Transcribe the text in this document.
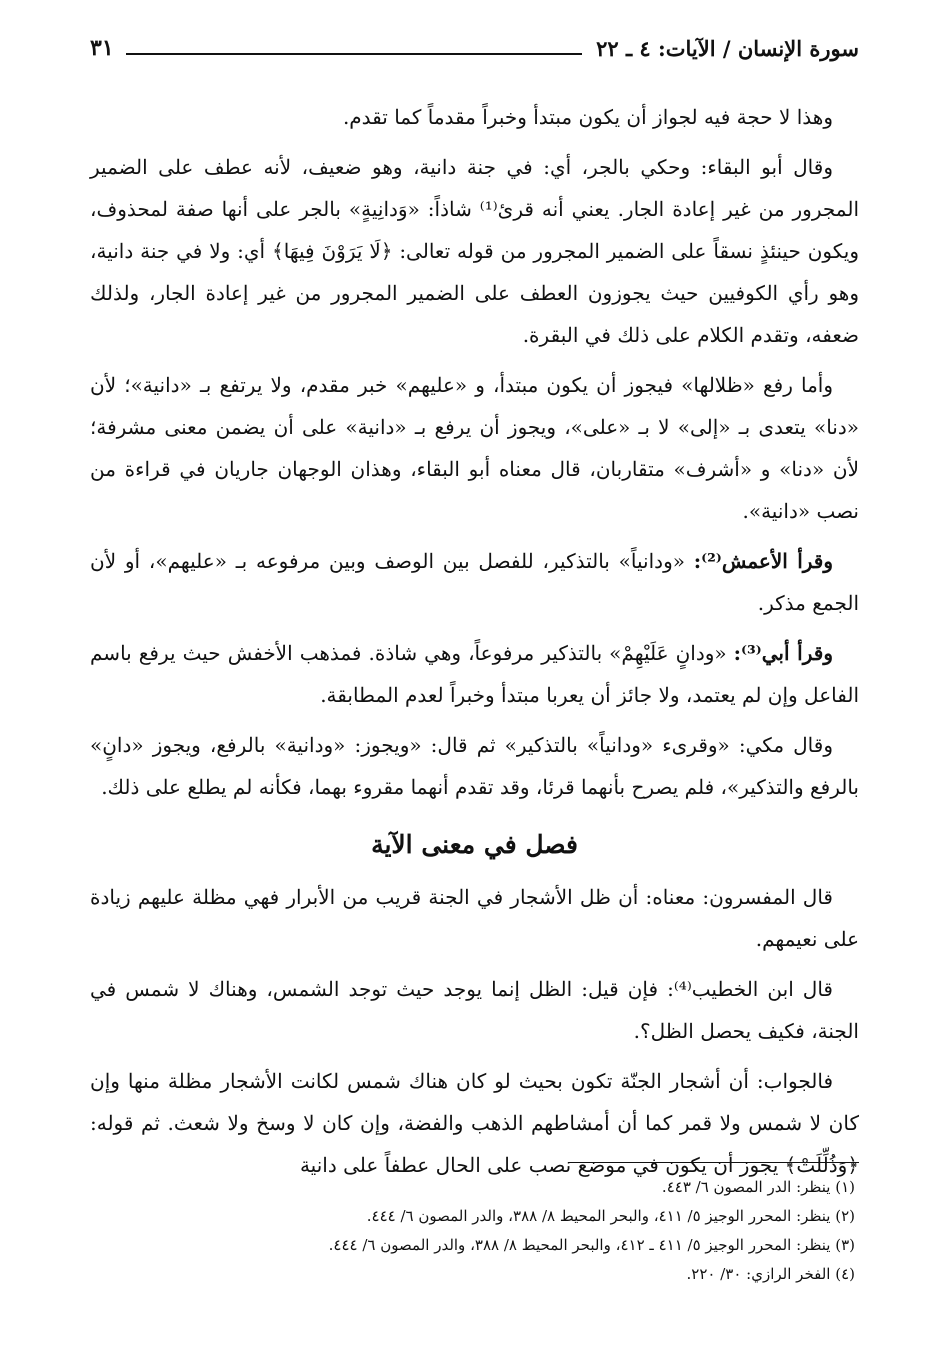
سورة الإنسان / الآيات: ٤ ـ ٢٢
٣١

وهذا لا حجة فيه لجواز أن يكون مبتدأ وخبراً مقدماً كما تقدم.

وقال أبو البقاء: وحكي بالجر، أي: في جنة دانية، وهو ضعيف، لأنه عطف على الضمير المجرور من غير إعادة الجار. يعني أنه قرئ⁽¹⁾ شاذاً: «وَدانِيةٍ» بالجر على أنها صفة لمحذوف، ويكون حينئذٍ نسقاً على الضمير المجرور من قوله تعالى: ﴿لَا يَرَوْنَ فِيهَا﴾ أي: ولا في جنة دانية، وهو رأي الكوفيين حيث يجوزون العطف على الضمير المجرور من غير إعادة الجار، ولذلك ضعفه، وتقدم الكلام على ذلك في البقرة.

وأما رفع «ظلالها» فيجوز أن يكون مبتدأ، و «عليهم» خبر مقدم، ولا يرتفع بـ «دانية»؛ لأن «دنا» يتعدى بـ «إلى» لا بـ «على»، ويجوز أن يرفع بـ «دانية» على أن يضمن معنى مشرفة؛ لأن «دنا» و «أشرف» متقاربان، قال معناه أبو البقاء، وهذان الوجهان جاريان في قراءة من نصب «دانية».

وقرأ الأعمش⁽²⁾: «ودانياً» بالتذكير، للفصل بين الوصف وبين مرفوعه بـ «عليهم»، أو لأن الجمع مذكر.

وقرأ أبي⁽³⁾: «ودانٍ عَلَيْهِمْ» بالتذكير مرفوعاً، وهي شاذة. فمذهب الأخفش حيث يرفع باسم الفاعل وإن لم يعتمد، ولا جائز أن يعربا مبتدأ وخبراً لعدم المطابقة.

وقال مكي: «وقرىء «ودانياً» بالتذكير» ثم قال: «ويجوز: «ودانية» بالرفع، ويجوز «دانٍ» بالرفع والتذكير»، فلم يصرح بأنهما قرئا، وقد تقدم أنهما مقروء بهما، فكأنه لم يطلع على ذلك.

فصل في معنى الآية

قال المفسرون: معناه: أن ظل الأشجار في الجنة قريب من الأبرار فهي مظلة عليهم زيادة على نعيمهم.

قال ابن الخطيب⁽⁴⁾: فإن قيل: الظل إنما يوجد حيث توجد الشمس، وهناك لا شمس في الجنة، فكيف يحصل الظل؟.

فالجواب: أن أشجار الجنّة تكون بحيث لو كان هناك شمس لكانت الأشجار مظلة منها وإن كان لا شمس ولا قمر كما أن أمشاطهم الذهب والفضة، وإن كان لا وسخ ولا شعث. ثم قوله: ﴿وَذُلِّلَتْ﴾ يجوز أن يكون في موضع نصب على الحال عطفاً على دانية

(١) ينظر: الدر المصون ٦/ ٤٤٣.

(٢) ينظر: المحرر الوجيز ٥/ ٤١١، والبحر المحيط ٨/ ٣٨٨، والدر المصون ٦/ ٤٤٤.

(٣) ينظر: المحرر الوجيز ٥/ ٤١١ ـ ٤١٢، والبحر المحيط ٨/ ٣٨٨، والدر المصون ٦/ ٤٤٤.

(٤) الفخر الرازي: ٣٠/ ٢٢٠.
